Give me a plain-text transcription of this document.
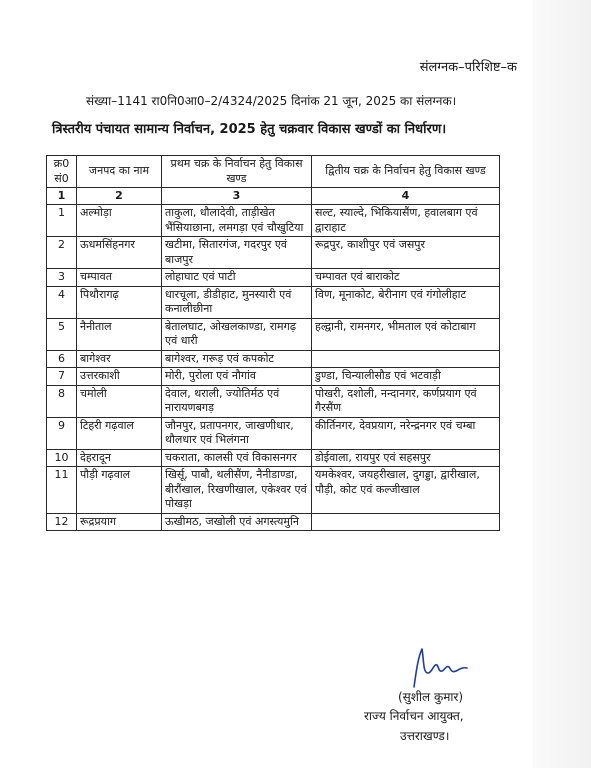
संलग्नक–परिशिष्ट–क
संख्या–1141 रा0नि0आ0–2/4324/2025 दिनांक 21 जून, 2025 का संलग्नक।
त्रिस्तरीय पंचायत सामान्य निर्वाचन, 2025 हेतु चक्रवार विकास खण्डों का निर्धारण।
क्र0 सं0	जनपद का नाम	प्रथम चक्र के निर्वाचन हेतु विकास खण्ड	द्वितीय चक्र के निर्वाचन हेतु विकास खण्ड
1	2	3	4
1	अल्मोड़ा	ताकुला, धौलादेवी, ताड़ीखेत भैंसियाछाना, लमगड़ा एवं चौखुटिया	सल्ट, स्याल्दे, भिकियासैंण, हवालबाग एवं द्वाराहाट
2	ऊधमसिंहनगर	खटीमा, सितारगंज, गदरपुर एवं बाजपुर	रूद्रपुर, काशीपुर एवं जसपुर
3	चम्पावत	लोहाघाट एवं पाटी	चम्पावत एवं बाराकोट
4	पिथौरागढ़	धारचूला, डीडीहाट, मुनस्यारी एवं कनालीछीना	विण, मूनाकोट, बेरीनाग एवं गंगोलीहाट
5	नैनीताल	बेतालघाट, ओखलकाण्डा, रामगढ़ एवं धारी	हल्द्वानी, रामनगर, भीमताल एवं कोटाबाग
6	बागेश्वर	बागेश्वर, गरूड़ एवं कपकोट	
7	उत्तरकाशी	मोरी, पुरोला एवं नौगांव	डुण्डा, चिन्यालीसौड एवं भटवाड़ी
8	चमोली	देवाल, थराली, ज्योतिर्मठ एवं नारायणबगड़	पोखरी, दशोली, नन्दानगर, कर्णप्रयाग एवं गैरसैंण
9	टिहरी गढ़वाल	जौनपुर, प्रतापनगर, जाखणीधार, थौलधार एवं भिलंगना	कीर्तिनगर, देवप्रयाग, नरेन्द्रनगर एवं चम्बा
10	देहरादून	चकराता, कालसी एवं विकासनगर	डोईवाला, रायपुर एवं सहसपुर
11	पौड़ी गढ़वाल	खिर्सू, पाबौ, थलीसैंण, नैनीडाण्डा, बीरौंखाल, रिखणीखाल, एकेश्वर एवं पोखड़ा	यमकेश्वर, जयहरीखाल, दुगड्डा, द्वारीखाल, पौड़ी, कोट एवं कल्जीखाल
12	रूद्रप्रयाग	ऊखीमठ, जखोली एवं अगस्त्यमुनि	
(सुशील कुमार)
राज्य निर्वाचन आयुक्त,
उत्तराखण्ड।
